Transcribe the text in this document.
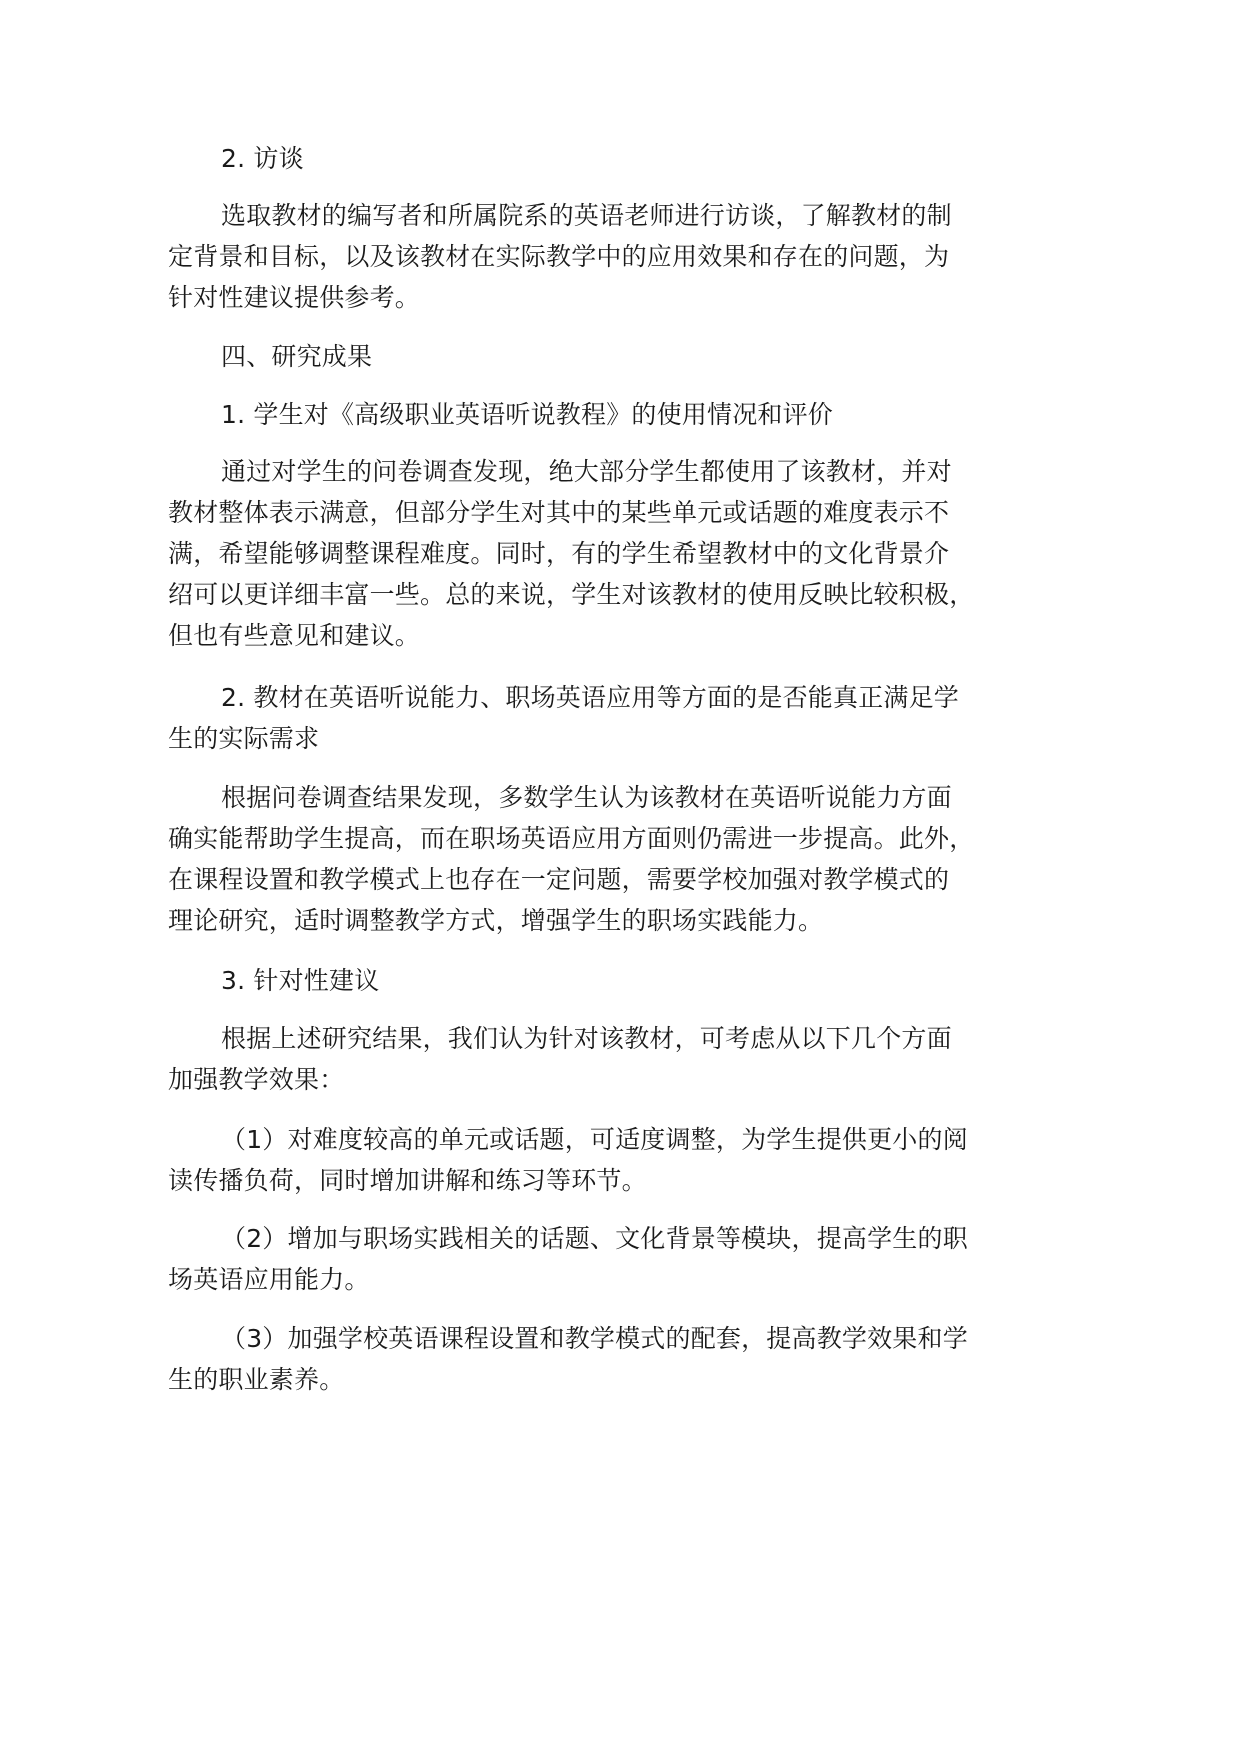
2. 访谈
选取教材的编写者和所属院系的英语老师进行访谈，了解教材的制
定背景和目标，以及该教材在实际教学中的应用效果和存在的问题，为
针对性建议提供参考。
四、研究成果
1. 学生对《高级职业英语听说教程》的使用情况和评价
通过对学生的问卷调查发现，绝大部分学生都使用了该教材，并对
教材整体表示满意，但部分学生对其中的某些单元或话题的难度表示不
满，希望能够调整课程难度。同时，有的学生希望教材中的文化背景介
绍可以更详细丰富一些。总的来说，学生对该教材的使用反映比较积极，
但也有些意见和建议。
2. 教材在英语听说能力、职场英语应用等方面的是否能真正满足学
生的实际需求
根据问卷调查结果发现，多数学生认为该教材在英语听说能力方面
确实能帮助学生提高，而在职场英语应用方面则仍需进一步提高。此外，
在课程设置和教学模式上也存在一定问题，需要学校加强对教学模式的
理论研究，适时调整教学方式，增强学生的职场实践能力。
3. 针对性建议
根据上述研究结果，我们认为针对该教材，可考虑从以下几个方面
加强教学效果：
（1）对难度较高的单元或话题，可适度调整，为学生提供更小的阅
读传播负荷，同时增加讲解和练习等环节。
（2）增加与职场实践相关的话题、文化背景等模块，提高学生的职
场英语应用能力。
（3）加强学校英语课程设置和教学模式的配套，提高教学效果和学
生的职业素养。
